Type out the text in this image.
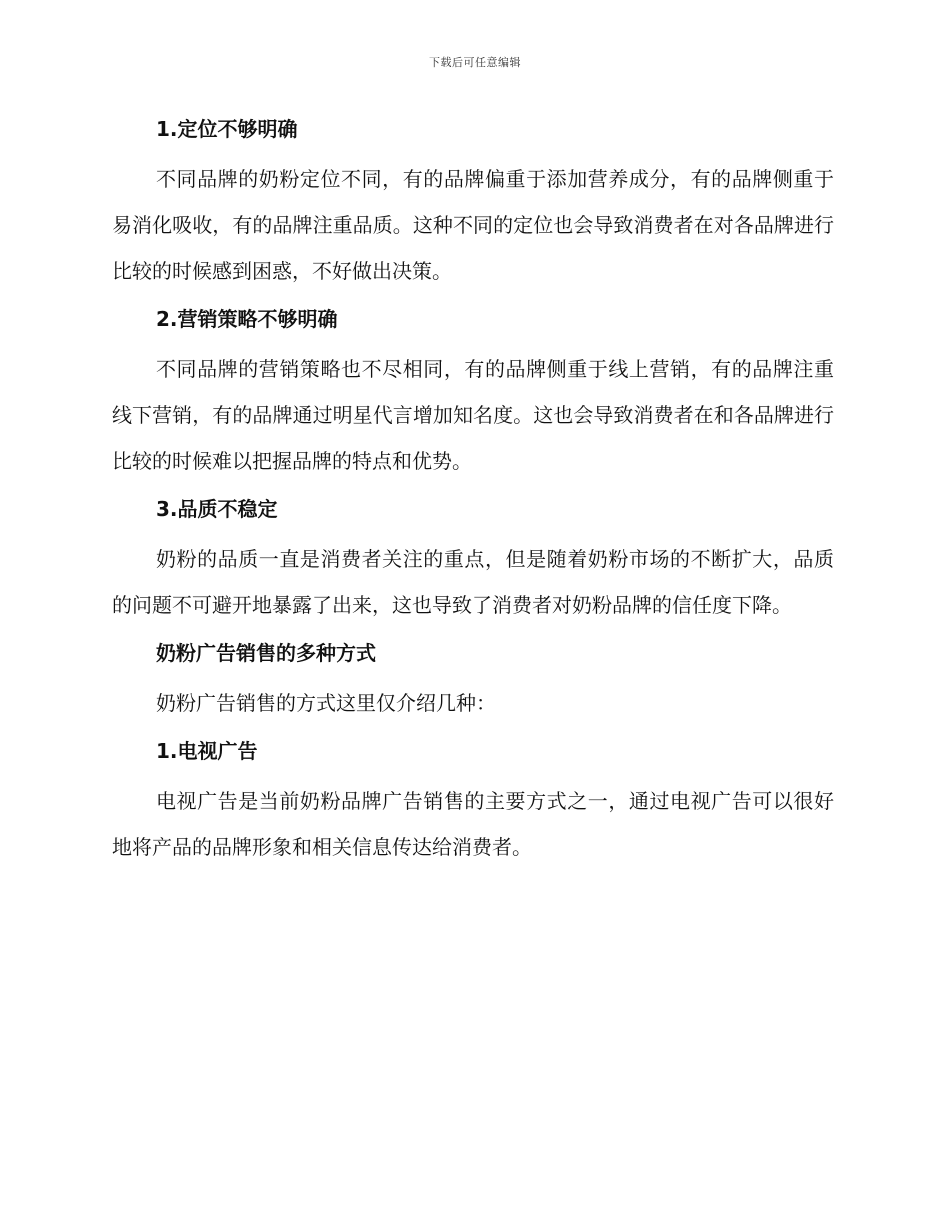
下载后可任意编辑

1.定位不够明确

不同品牌的奶粉定位不同，有的品牌偏重于添加营养成分，有的品牌侧重于易消化吸收，有的品牌注重品质。这种不同的定位也会导致消费者在对各品牌进行比较的时候感到困惑，不好做出决策。

2.营销策略不够明确

不同品牌的营销策略也不尽相同，有的品牌侧重于线上营销，有的品牌注重线下营销，有的品牌通过明星代言增加知名度。这也会导致消费者在和各品牌进行比较的时候难以把握品牌的特点和优势。

3.品质不稳定

奶粉的品质一直是消费者关注的重点，但是随着奶粉市场的不断扩大，品质的问题不可避开地暴露了出来，这也导致了消费者对奶粉品牌的信任度下降。

奶粉广告销售的多种方式

奶粉广告销售的方式这里仅介绍几种：

1.电视广告

电视广告是当前奶粉品牌广告销售的主要方式之一，通过电视广告可以很好地将产品的品牌形象和相关信息传达给消费者。
